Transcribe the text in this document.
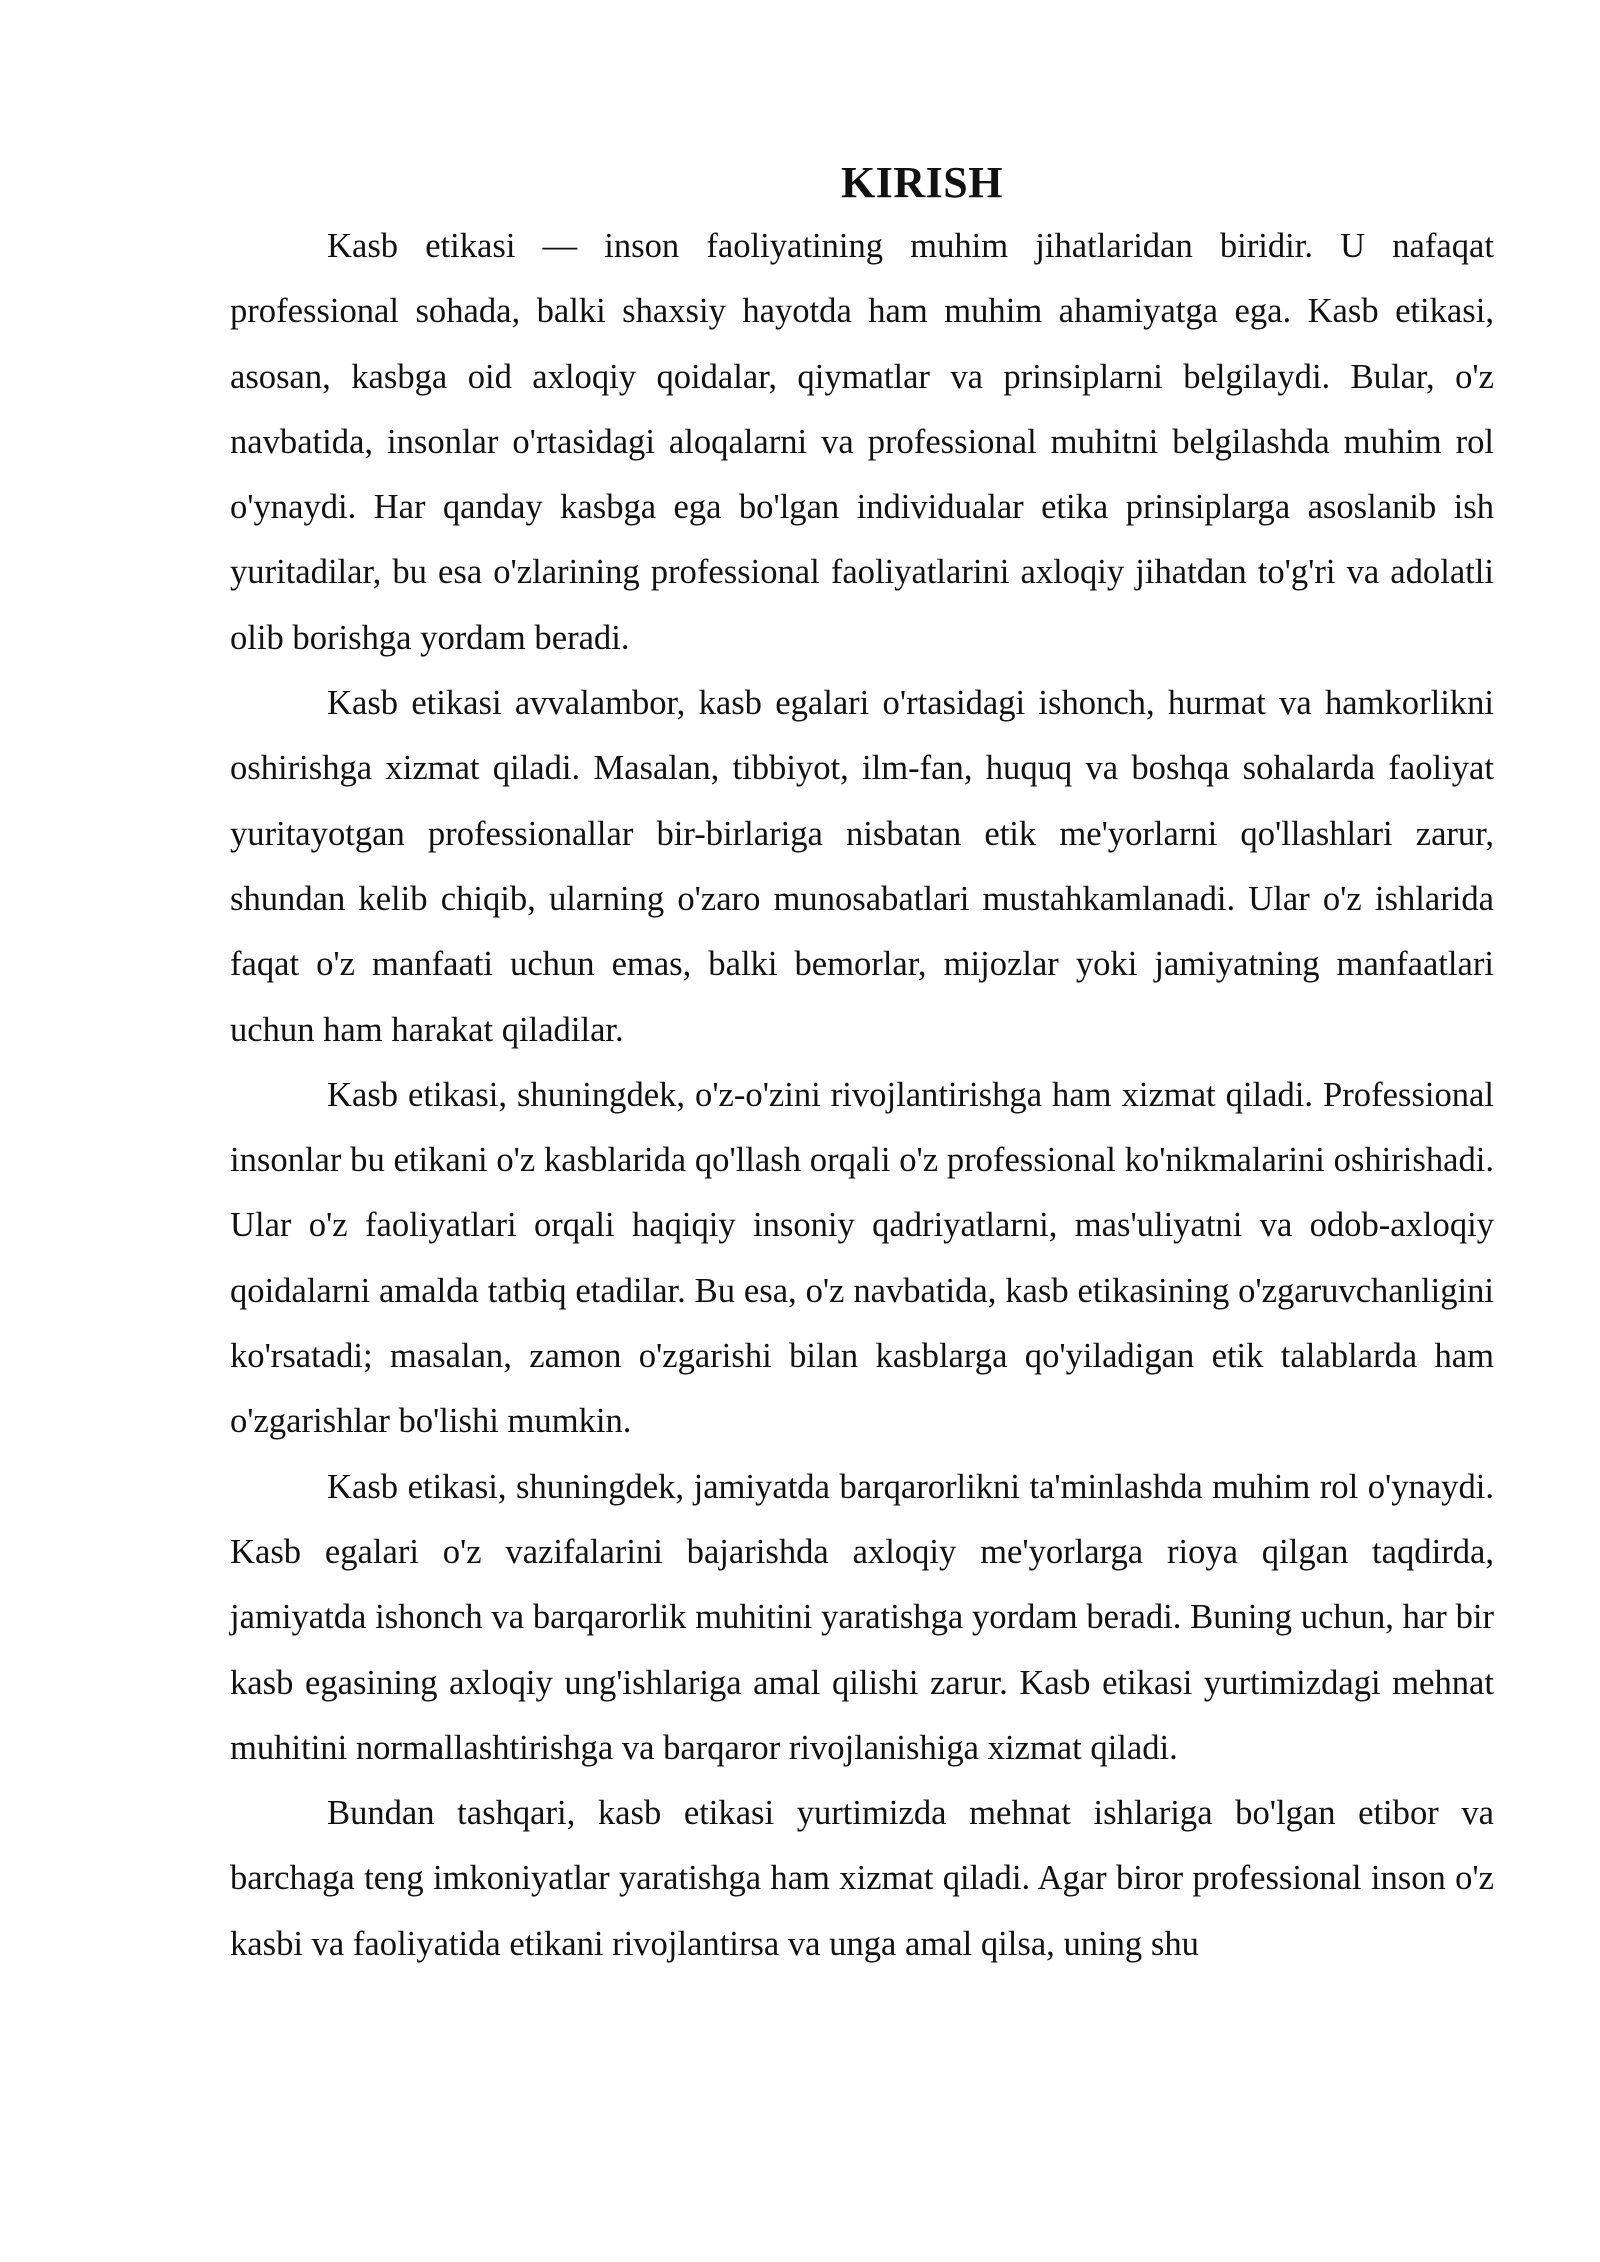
KIRISH

Kasb etikasi — inson faoliyatining muhim jihatlaridan biridir. U nafaqat professional sohada, balki shaxsiy hayotda ham muhim ahamiyatga ega. Kasb etikasi, asosan, kasbga oid axloqiy qoidalar, qiymatlar va prinsiplarni belgilaydi. Bular, o'z navbatida, insonlar o'rtasidagi aloqalarni va professional muhitni belgilashda muhim rol o'ynaydi. Har qanday kasbga ega bo'lgan individualar etika prinsiplarga asoslanib ish yuritadilar, bu esa o'zlarining professional faoliyatlarini axloqiy jihatdan to'g'ri va adolatli olib borishga yordam beradi.

Kasb etikasi avvalambor, kasb egalari o'rtasidagi ishonch, hurmat va hamkorlikni oshirishga xizmat qiladi. Masalan, tibbiyot, ilm-fan, huquq va boshqa sohalarda faoliyat yuritayotgan professionallar bir-birlariga nisbatan etik me'yorlarni qo'llashlari zarur, shundan kelib chiqib, ularning o'zaro munosabatlari mustahkamlanadi. Ular o'z ishlarida faqat o'z manfaati uchun emas, balki bemorlar, mijozlar yoki jamiyatning manfaatlari uchun ham harakat qiladilar.

Kasb etikasi, shuningdek, o'z-o'zini rivojlantirishga ham xizmat qiladi. Professional insonlar bu etikani o'z kasblarida qo'llash orqali o'z professional ko'nikmalarini oshirishadi. Ular o'z faoliyatlari orqali haqiqiy insoniy qadriyatlarni, mas'uliyatni va odob-axloqiy qoidalarni amalda tatbiq etadilar. Bu esa, o'z navbatida, kasb etikasining o'zgaruvchanligini ko'rsatadi; masalan, zamon o'zgarishi bilan kasblarga qo'yiladigan etik talablarda ham o'zgarishlar bo'lishi mumkin.

Kasb etikasi, shuningdek, jamiyatda barqarorlikni ta'minlashda muhim rol o'ynaydi. Kasb egalari o'z vazifalarini bajarishda axloqiy me'yorlarga rioya qilgan taqdirda, jamiyatda ishonch va barqarorlik muhitini yaratishga yordam beradi. Buning uchun, har bir kasb egasining axloqiy ung'ishlariga amal qilishi zarur. Kasb etikasi yurtimizdagi mehnat muhitini normallashtirishga va barqaror rivojlanishiga xizmat qiladi.

Bundan tashqari, kasb etikasi yurtimizda mehnat ishlariga bo'lgan etibor va barchaga teng imkoniyatlar yaratishga ham xizmat qiladi. Agar biror professional inson o'z kasbi va faoliyatida etikani rivojlantirsa va unga amal qilsa, uning shu
